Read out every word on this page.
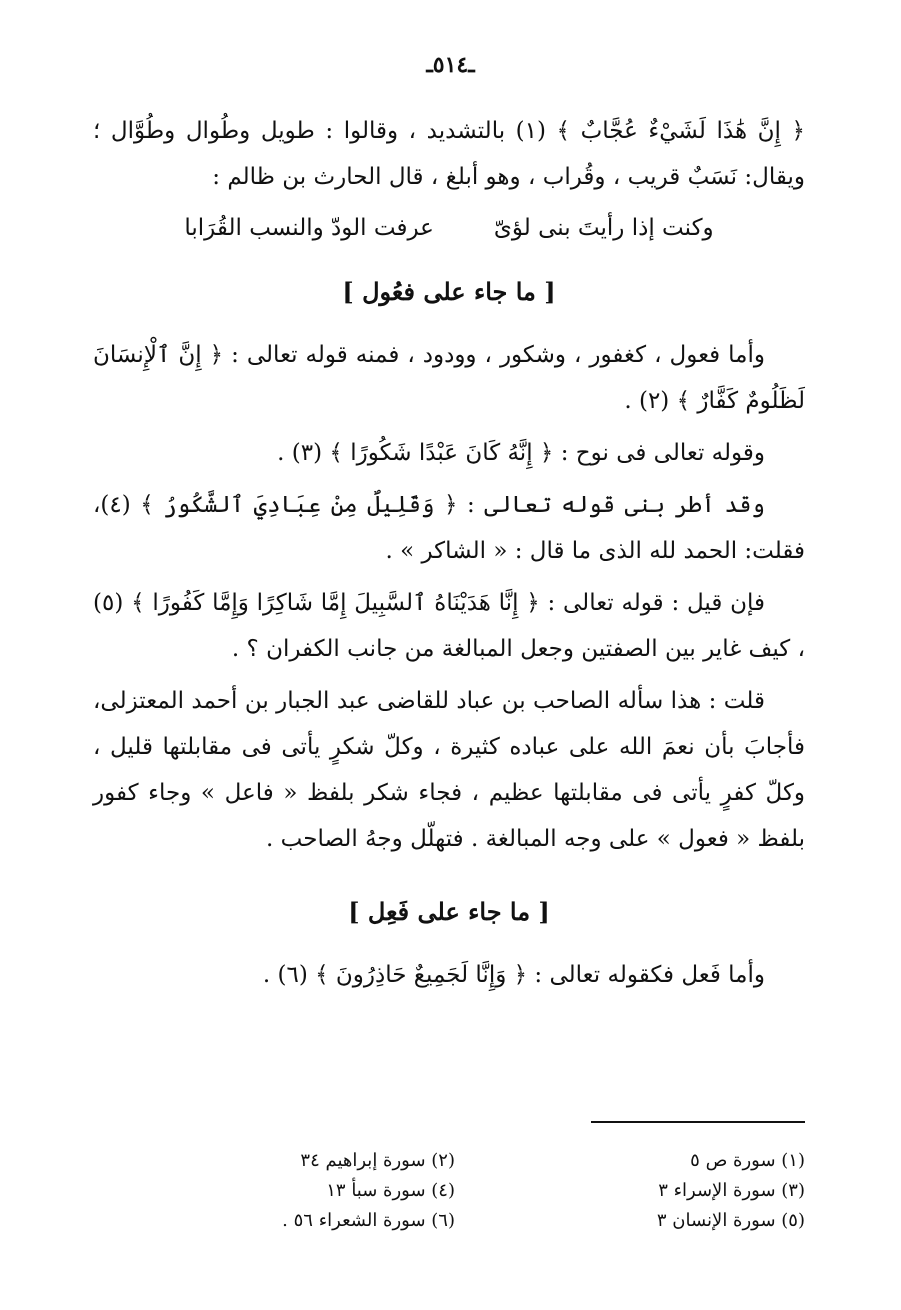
ـ٥١٤ـ

﴿ إِنَّ هَٰذَا لَشَيْءٌ عُجَّابٌ ﴾ (١) بالتشديد ، وقالوا : طويل وطُوال وطُوَّال ؛ ويقال: نَسَبٌ قريب ، وقُراب ، وهو أبلغ ، قال الحارث بن ظالم :

وكنت إذا رأيتَ بنى لؤىّ
عرفت الودّ والنسب القُرَابا
[ ما جاء على فعُول ]

وأما فعول ، كغفور ، وشكور ، وودود ، فمنه قوله تعالى : ﴿ إِنَّ ٱلْإِنسَانَ لَظَلُومٌ كَفَّارٌ ﴾ (٢) .

وقوله تعالى فى نوح : ﴿ إِنَّهُ كَانَ عَبْدًا شَكُورًا ﴾ (٣) .

وقد أطر بنى قوله تعالى : ﴿ وَقَلِيلٌ مِنْ عِبَادِيَ ٱلشَّكُورُ ﴾ (٤)، فقلت: الحمد لله الذى ما قال : « الشاكر » .

فإن قيل : قوله تعالى : ﴿ إِنَّا هَدَيْنَاهُ ٱلسَّبِيلَ إِمَّا شَاكِرًا وَإِمَّا كَفُورًا ﴾ (٥) ، كيف غاير بين الصفتين وجعل المبالغة من جانب الكفران ؟ .

قلت : هذا سأله الصاحب بن عباد للقاضى عبد الجبار بن أحمد المعتزلى، فأجابَ بأن نعمَ الله على عباده كثيرة ، وكلّ شكرٍ يأتى فى مقابلتها قليل ، وكلّ كفرٍ يأتى فى مقابلتها عظيم ، فجاء شكر بلفظ « فاعل » وجاء كفور بلفظ « فعول » على وجه المبالغة . فتهلّل وجهُ الصاحب .

[ ما جاء على فَعِل ]

وأما فَعل فكقوله تعالى : ﴿ وَإِنَّا لَجَمِيعٌ حَاذِرُونَ ﴾ (٦) .

(١) سورة ص ٥
(٣) سورة الإسراء ٣
(٥) سورة الإنسان ٣
(٢) سورة إبراهيم ٣٤
(٤) سورة سبأ ١٣
(٦) سورة الشعراء ٥٦ .
